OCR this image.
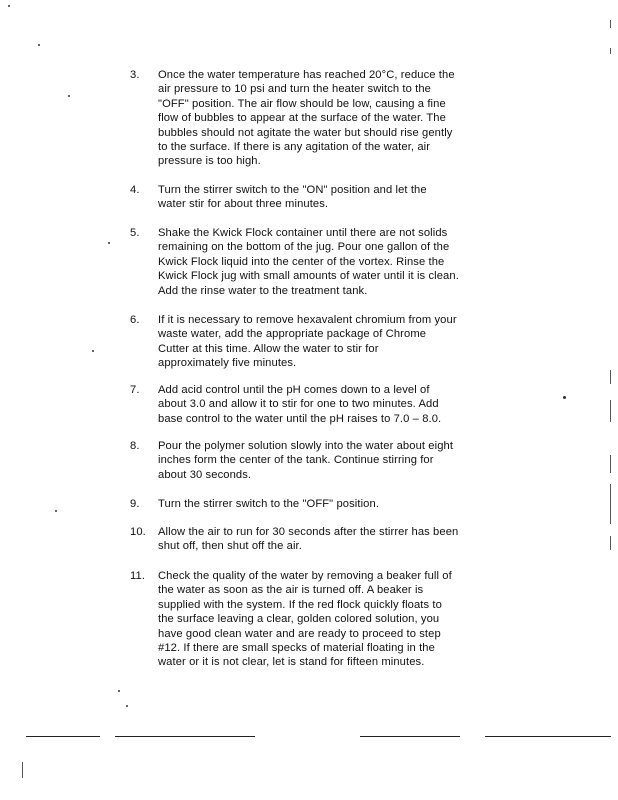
3.	Once the water temperature has reached 20°C, reduce the

air pressure to 10 psi and turn the heater switch to the

"OFF" position. The air flow should be low, causing a fine

flow of bubbles to appear at the surface of the water. The

bubbles should not agitate the water but should rise gently

to the surface. If there is any agitation of the water, air

pressure is too high.

4.	Turn the stirrer switch to the "ON" position and let the

water stir for about three minutes.

5.	Shake the Kwick Flock container until there are not solids

remaining on the bottom of the jug. Pour one gallon of the

Kwick Flock liquid into the center of the vortex. Rinse the

Kwick Flock jug with small amounts of water until it is clean.

Add the rinse water to the treatment tank.

6.	If it is necessary to remove hexavalent chromium from your

waste water, add the appropriate package of Chrome

Cutter at this time. Allow the water to stir for

approximately five minutes.

7.	Add acid control until the pH comes down to a level of

about 3.0 and allow it to stir for one to two minutes. Add

base control to the water until the pH raises to 7.0 – 8.0.

8.	Pour the polymer solution slowly into the water about eight

inches form the center of the tank. Continue stirring for

about 30 seconds.

9.	Turn the stirrer switch to the "OFF" position.

10.	Allow the air to run for 30 seconds after the stirrer has been

shut off, then shut off the air.

11.	Check the quality of the water by removing a beaker full of

the water as soon as the air is turned off. A beaker is

supplied with the system. If the red flock quickly floats to

the surface leaving a clear, golden colored solution, you

have good clean water and are ready to proceed to step

#12. If there are small specks of material floating in the

water or it is not clear, let is stand for fifteen minutes.
